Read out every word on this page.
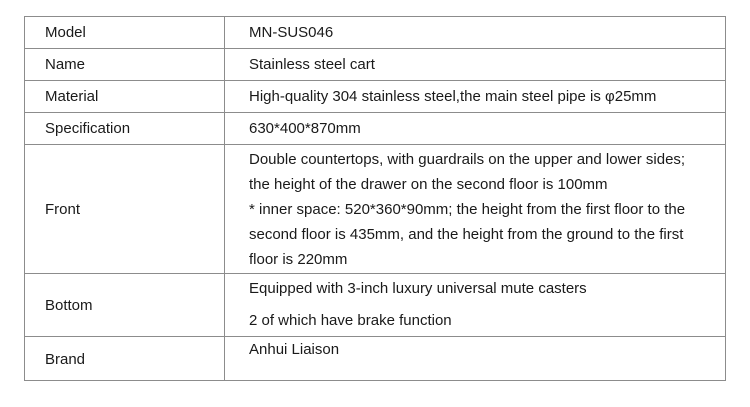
Model	MN-SUS046
Name	Stainless steel cart
Material	High-quality 304 stainless steel,the main steel pipe is φ25mm
Specification	630*400*870mm
Front	Double countertops, with guardrails on the upper and lower sides;
the height of the drawer on the second floor is 100mm
* inner space: 520*360*90mm; the height from the first floor to the
second floor is 435mm, and the height from the ground to the first
floor is 220mm

Bottom	Equipped with 3-inch luxury universal mute casters
2 of which have brake function

Brand	Anhui Liaison
